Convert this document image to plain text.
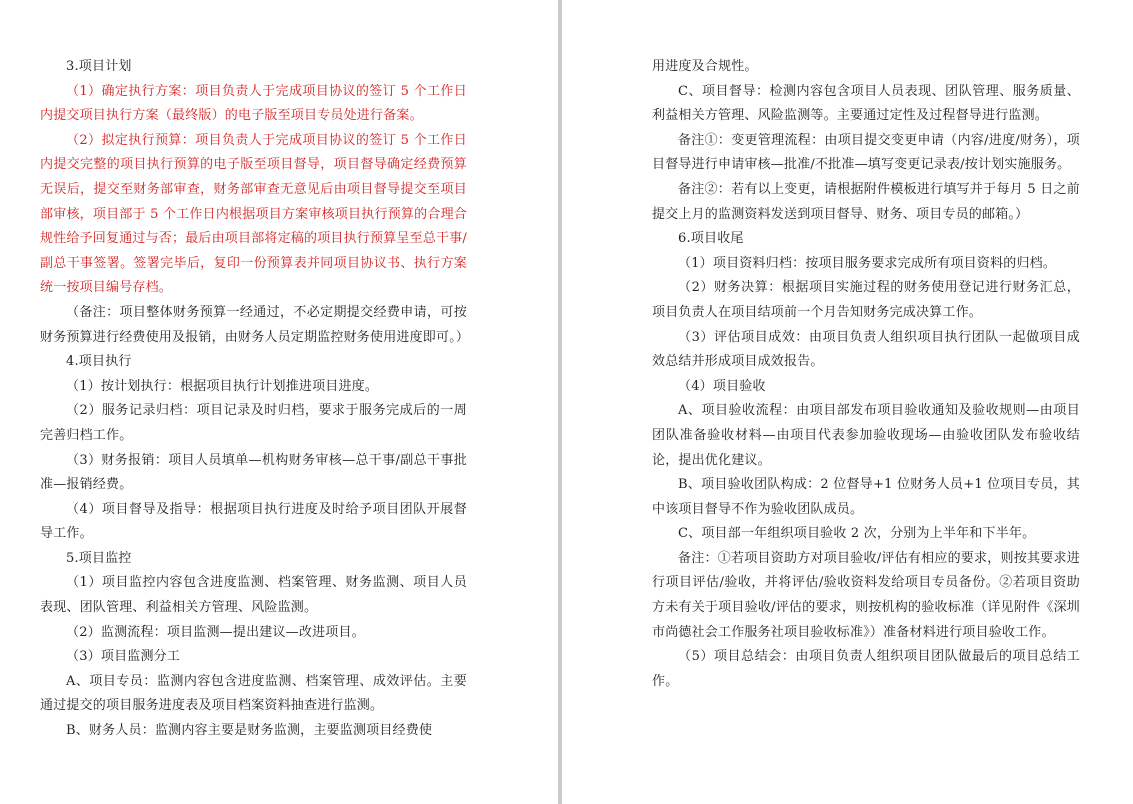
3.项目计划

（1）确定执行方案：项目负责人于完成项目协议的签订 5 个工作日内提交项目执行方案（最终版）的电子版至项目专员处进行备案。

（2）拟定执行预算：项目负责人于完成项目协议的签订 5 个工作日内提交完整的项目执行预算的电子版至项目督导，项目督导确定经费预算无误后，提交至财务部审查，财务部审查无意见后由项目督导提交至项目部审核，项目部于 5 个工作日内根据项目方案审核项目执行预算的合理合规性给予回复通过与否；最后由项目部将定稿的项目执行预算呈至总干事/副总干事签署。签署完毕后，复印一份预算表并同项目协议书、执行方案统一按项目编号存档。

（备注：项目整体财务预算一经通过，不必定期提交经费申请，可按财务预算进行经费使用及报销，由财务人员定期监控财务使用进度即可。）

4.项目执行

（1）按计划执行：根据项目执行计划推进项目进度。

（2）服务记录归档：项目记录及时归档，要求于服务完成后的一周完善归档工作。

（3）财务报销：项目人员填单—机构财务审核—总干事/副总干事批准—报销经费。

（4）项目督导及指导：根据项目执行进度及时给予项目团队开展督导工作。

5.项目监控

（1）项目监控内容包含进度监测、档案管理、财务监测、项目人员表现、团队管理、利益相关方管理、风险监测。

（2）监测流程：项目监测—提出建议—改进项目。

（3）项目监测分工

A、项目专员：监测内容包含进度监测、档案管理、成效评估。主要通过提交的项目服务进度表及项目档案资料抽查进行监测。

B、财务人员：监测内容主要是财务监测，主要监测项目经费使

用进度及合规性。

C、项目督导：检测内容包含项目人员表现、团队管理、服务质量、利益相关方管理、风险监测等。主要通过定性及过程督导进行监测。

备注①：变更管理流程：由项目提交变更申请（内容/进度/财务），项目督导进行申请审核—批准/不批准—填写变更记录表/按计划实施服务。

备注②：若有以上变更，请根据附件模板进行填写并于每月 5 日之前提交上月的监测资料发送到项目督导、财务、项目专员的邮箱。）

6.项目收尾

（1）项目资料归档：按项目服务要求完成所有项目资料的归档。

（2）财务决算：根据项目实施过程的财务使用登记进行财务汇总，项目负责人在项目结项前一个月告知财务完成决算工作。

（3）评估项目成效：由项目负责人组织项目执行团队一起做项目成效总结并形成项目成效报告。

（4）项目验收

A、项目验收流程：由项目部发布项目验收通知及验收规则—由项目团队准备验收材料—由项目代表参加验收现场—由验收团队发布验收结论，提出优化建议。

B、项目验收团队构成：2 位督导+1 位财务人员+1 位项目专员，其中该项目督导不作为验收团队成员。

C、项目部一年组织项目验收 2 次，分别为上半年和下半年。

备注：①若项目资助方对项目验收/评估有相应的要求，则按其要求进行项目评估/验收，并将评估/验收资料发给项目专员备份。②若项目资助方未有关于项目验收/评估的要求，则按机构的验收标准（详见附件《深圳市尚德社会工作服务社项目验收标准》）准备材料进行项目验收工作。

（5）项目总结会：由项目负责人组织项目团队做最后的项目总结工作。
